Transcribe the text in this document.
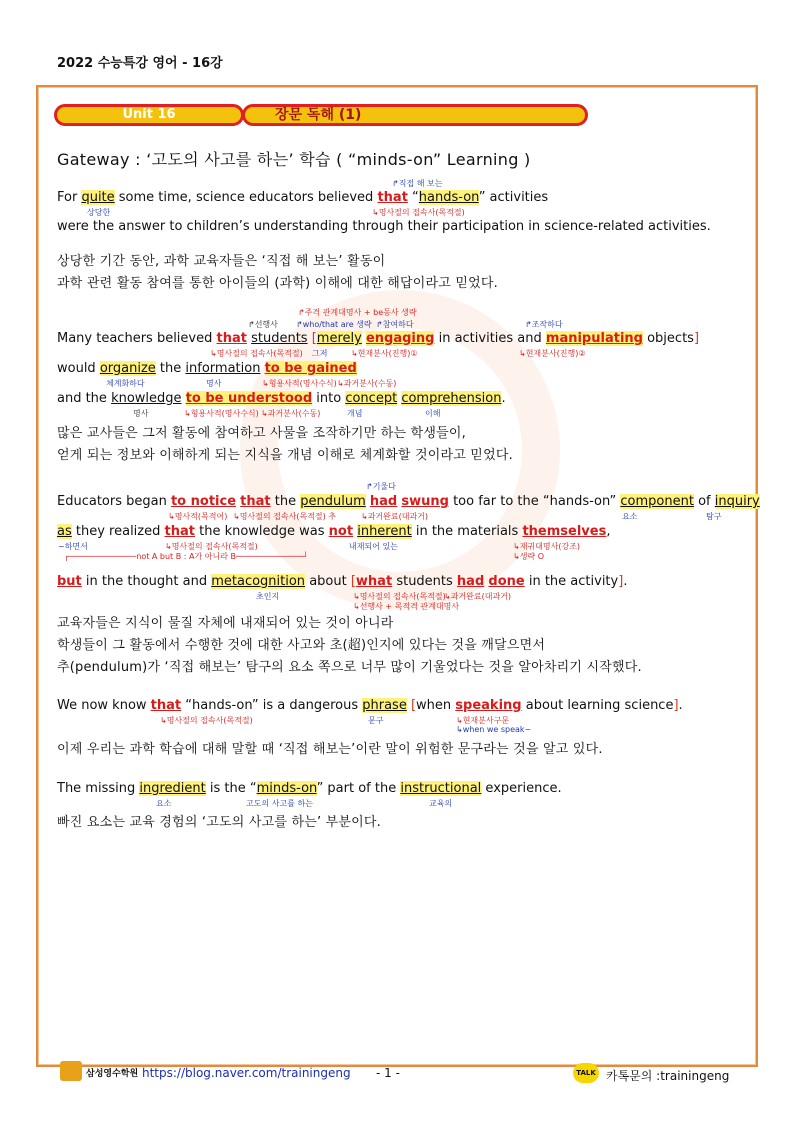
2022 수능특강 영어 - 16강
Unit 16	장문 독해 (1)
Gateway : ‘고도의 사고를 하는’ 학습 ( “minds-on” Learning )
↱직접 해 보는
For quite some time, science educators believed that “hands-on” activities
상당한	↳명사절의 접속사(목적절)
were the answer to children’s understanding through their participation in science-related activities.
상당한 기간 동안, 과학 교육자들은 ‘직접 해 보는’ 활동이
과학 관련 활동 참여를 통한 아이들의 (과학) 이해에 대한 해답이라고 믿었다.
↱주격 관계대명사 + be동사 생략
↱선행사 ↱who/that are 생략 ↱참여하다	↱조작하다
Many teachers believed that students [merely engaging in activities and manipulating objects]
↳명사절의 접속사(목적절) 그저	↳현재분사(진행)①	↳현재분사(진행)②
would organize the information to be gained
체계화하다	명사	↳형용사적(명사수식) ↳과거분사(수동)
and the knowledge to be understood into concept comprehension.
명사	↳형용사적(명사수식) ↳과거분사(수동)	개념	이해
많은 교사들은 그저 활동에 참여하고 사물을 조작하기만 하는 학생들이,
얻게 되는 정보와 이해하게 되는 지식을 개념 이해로 체계화할 것이라고 믿었다.
↱기울다
Educators began to notice that the pendulum had swung too far to the “hands-on” component of inquiry
↳명사적(목적어) ↳명사절의 접속사(목적절) 추	↳과거완료(대과거)	요소	탐구
as they realized that the knowledge was not inherent in the materials themselves,
~하면서	↳명사절의 접속사(목적절)	내재되어 있는	↳재귀대명사(강조)
↳생략 O
┌──────────────not A but B : A가 아니라 B──────────────┘
but in the thought and metacognition about [what students had done in the activity].
초인지	↳명사절의 접속사(목적절)
↳과거완료(대과거)
↳선행사 + 목적격 관계대명사
교육자들은 지식이 물질 자체에 내재되어 있는 것이 아니라
학생들이 그 활동에서 수행한 것에 대한 사고와 초(超)인지에 있다는 것을 깨달으면서
추(pendulum)가 ‘직접 해보는’ 탐구의 요소 쪽으로 너무 많이 기울었다는 것을 알아차리기 시작했다.
We now know that “hands-on” is a dangerous phrase [when speaking about learning science].
↳명사절의 접속사(목적절)	문구	↳현재분사구문
↳when we speak~
이제 우리는 과학 학습에 대해 말할 때 ‘직접 해보는’이란 말이 위험한 문구라는 것을 알고 있다.
The missing ingredient is the “minds-on” part of the instructional experience.
요소	고도의 사고를 하는	교육의
빠진 요소는 교육 경험의 ‘고도의 사고를 하는’ 부분이다.
삼성영수학원 https://blog.naver.com/trainingeng - 1 -	TALK 카톡문의 :trainingeng
